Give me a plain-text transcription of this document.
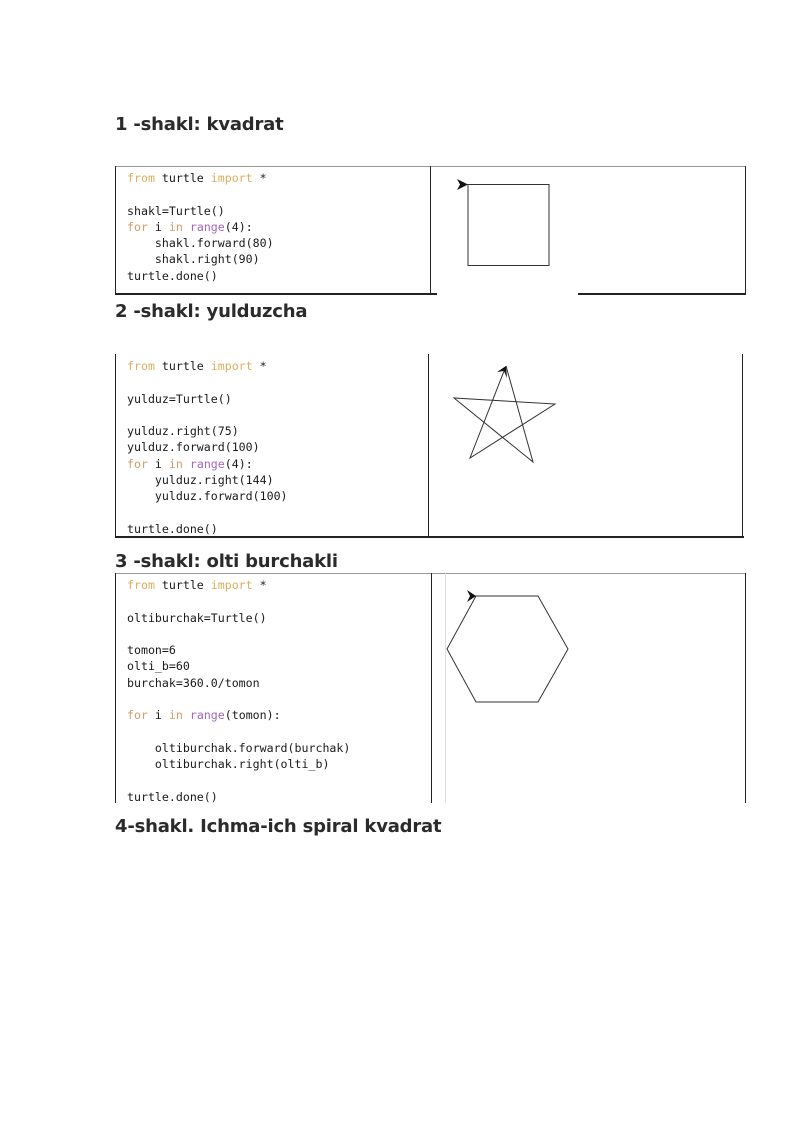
1 -shakl: kvadrat
from turtle import *
shakl=Turtle()
for i in range(4):
shakl.forward(80)
shakl.right(90)
turtle.done()
2 -shakl: yulduzcha
from turtle import *
yulduz=Turtle()
yulduz.right(75)
yulduz.forward(100)
for i in range(4):
yulduz.right(144)
yulduz.forward(100)
turtle.done()
3 -shakl: olti burchakli
from turtle import *
oltiburchak=Turtle()
tomon=6
olti_b=60
burchak=360.0/tomon
for i in range(tomon):
oltiburchak.forward(burchak)
oltiburchak.right(olti_b)
turtle.done()
4-shakl. Ichma-ich spiral kvadrat
